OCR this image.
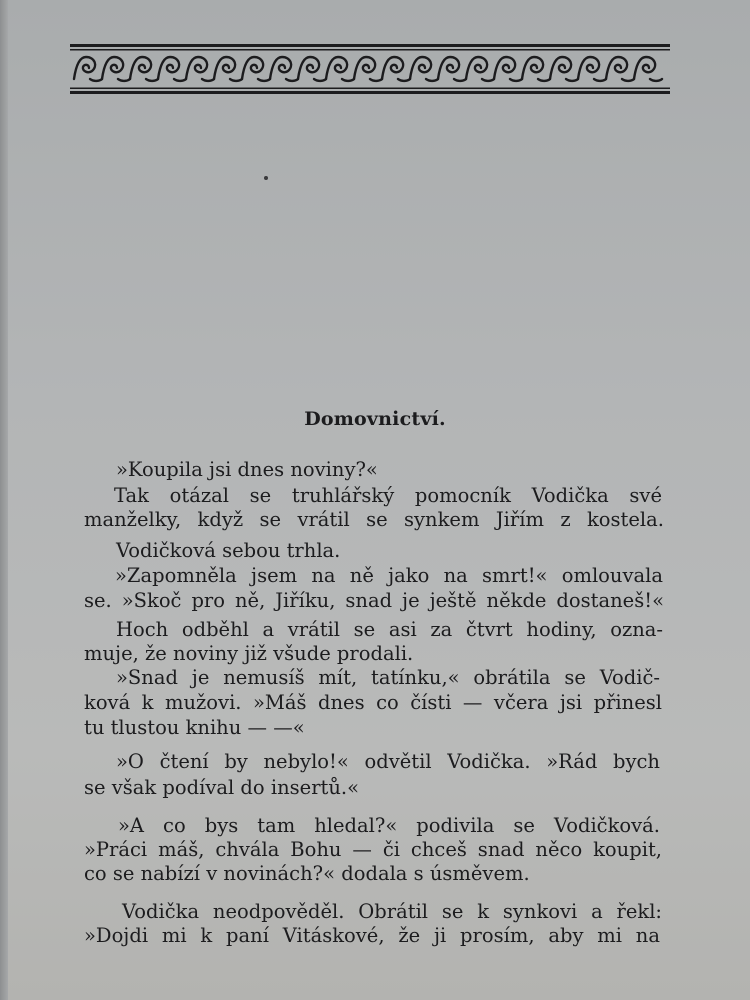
Domovnictví.
»Koupila jsi dnes noviny?«
Tak otázal se truhlářský pomocník Vodička své
manželky, když se vrátil se synkem Jiřím z kostela.
Vodičková sebou trhla.
»Zapomněla jsem na ně jako na smrt!« omlouvala
se. »Skoč pro ně, Jiříku, snad je ještě někde dostaneš!«
Hoch odběhl a vrátil se asi za čtvrt hodiny, ozna-
muje, že noviny již všude prodali.
»Snad je nemusíš mít, tatínku,« obrátila se Vodič-
ková k mužovi. »Máš dnes co čísti — včera jsi přinesl
tu tlustou knihu — —«
»O čtení by nebylo!« odvětil Vodička. »Rád bych
se však podíval do insertů.«
»A co bys tam hledal?« podivila se Vodičková.
»Práci máš, chvála Bohu — či chceš snad něco koupit,
co se nabízí v novinách?« dodala s úsměvem.
Vodička neodpověděl. Obrátil se k synkovi a řekl:
»Dojdi mi k paní Vitáskové, že ji prosím, aby mi na
